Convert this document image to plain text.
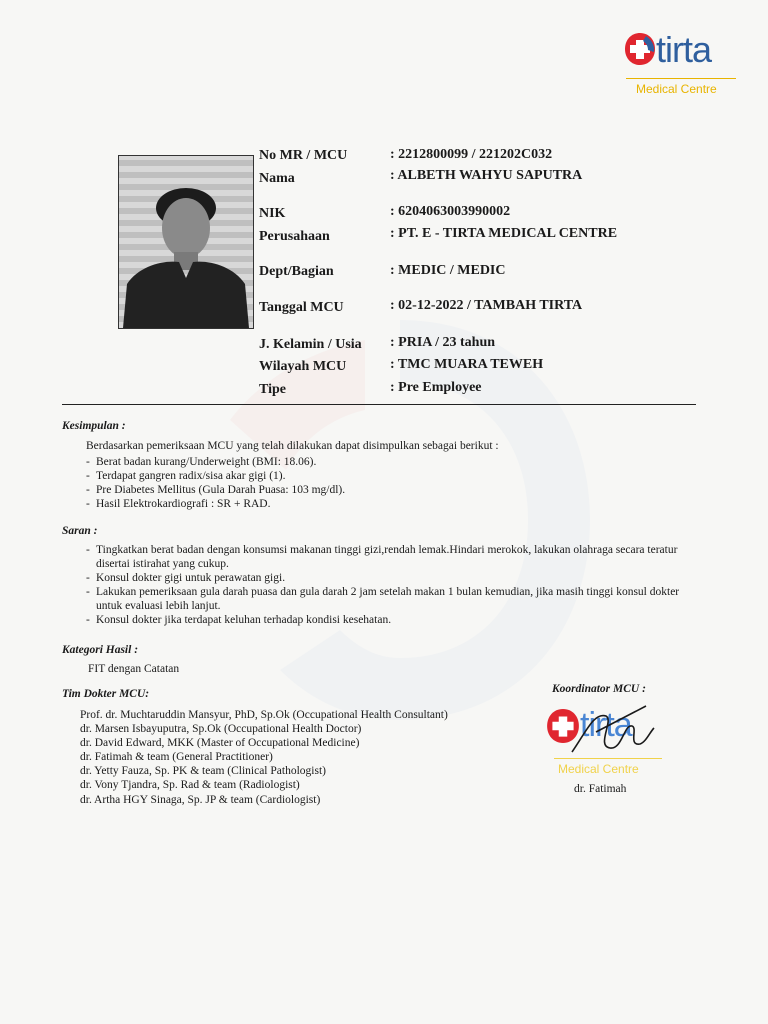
tirta
Medical Centre
No MR / MCU	: 2212800099 / 221202C032
Nama	: ALBETH WAHYU SAPUTRA
NIK	: 6204063003990002
Perusahaan	: PT. E - TIRTA MEDICAL CENTRE
Dept/Bagian	: MEDIC / MEDIC
Tanggal MCU	: 02-12-2022 / TAMBAH TIRTA
J. Kelamin / Usia : PRIA / 23 tahun
Wilayah MCU	: TMC MUARA TEWEH
Tipe	: Pre Employee
Kesimpulan :
Berdasarkan pemeriksaan MCU yang telah dilakukan dapat disimpulkan sebagai berikut :
- Berat badan kurang/Underweight (BMI: 18.06).
- Terdapat gangren radix/sisa akar gigi (1).
- Pre Diabetes Mellitus (Gula Darah Puasa: 103 mg/dl).
- Hasil Elektrokardiografi : SR + RAD.
Saran :
- Tingkatkan berat badan dengan konsumsi makanan tinggi gizi,rendah lemak.Hindari merokok, lakukan olahraga secara teratur disertai istirahat yang cukup.
- Konsul dokter gigi untuk perawatan gigi.
- Lakukan pemeriksaan gula darah puasa dan gula darah 2 jam setelah makan 1 bulan kemudian, jika masih tinggi konsul dokter untuk evaluasi lebih lanjut.
- Konsul dokter jika terdapat keluhan terhadap kondisi kesehatan.
Kategori Hasil :
FIT dengan Catatan
Tim Dokter MCU:
Prof. dr. Muchtaruddin Mansyur, PhD, Sp.Ok (Occupational Health Consultant)
dr. Marsen Isbayuputra, Sp.Ok (Occupational Health Doctor)
dr. David Edward, MKK (Master of Occupational Medicine)
dr. Fatimah & team (General Practitioner)
dr. Yetty Fauza, Sp. PK & team (Clinical Pathologist)
dr. Vony Tjandra, Sp. Rad & team (Radiologist)
dr. Artha HGY Sinaga, Sp. JP & team (Cardiologist)
Koordinator MCU :
tirta
Medical Centre
dr. Fatimah
